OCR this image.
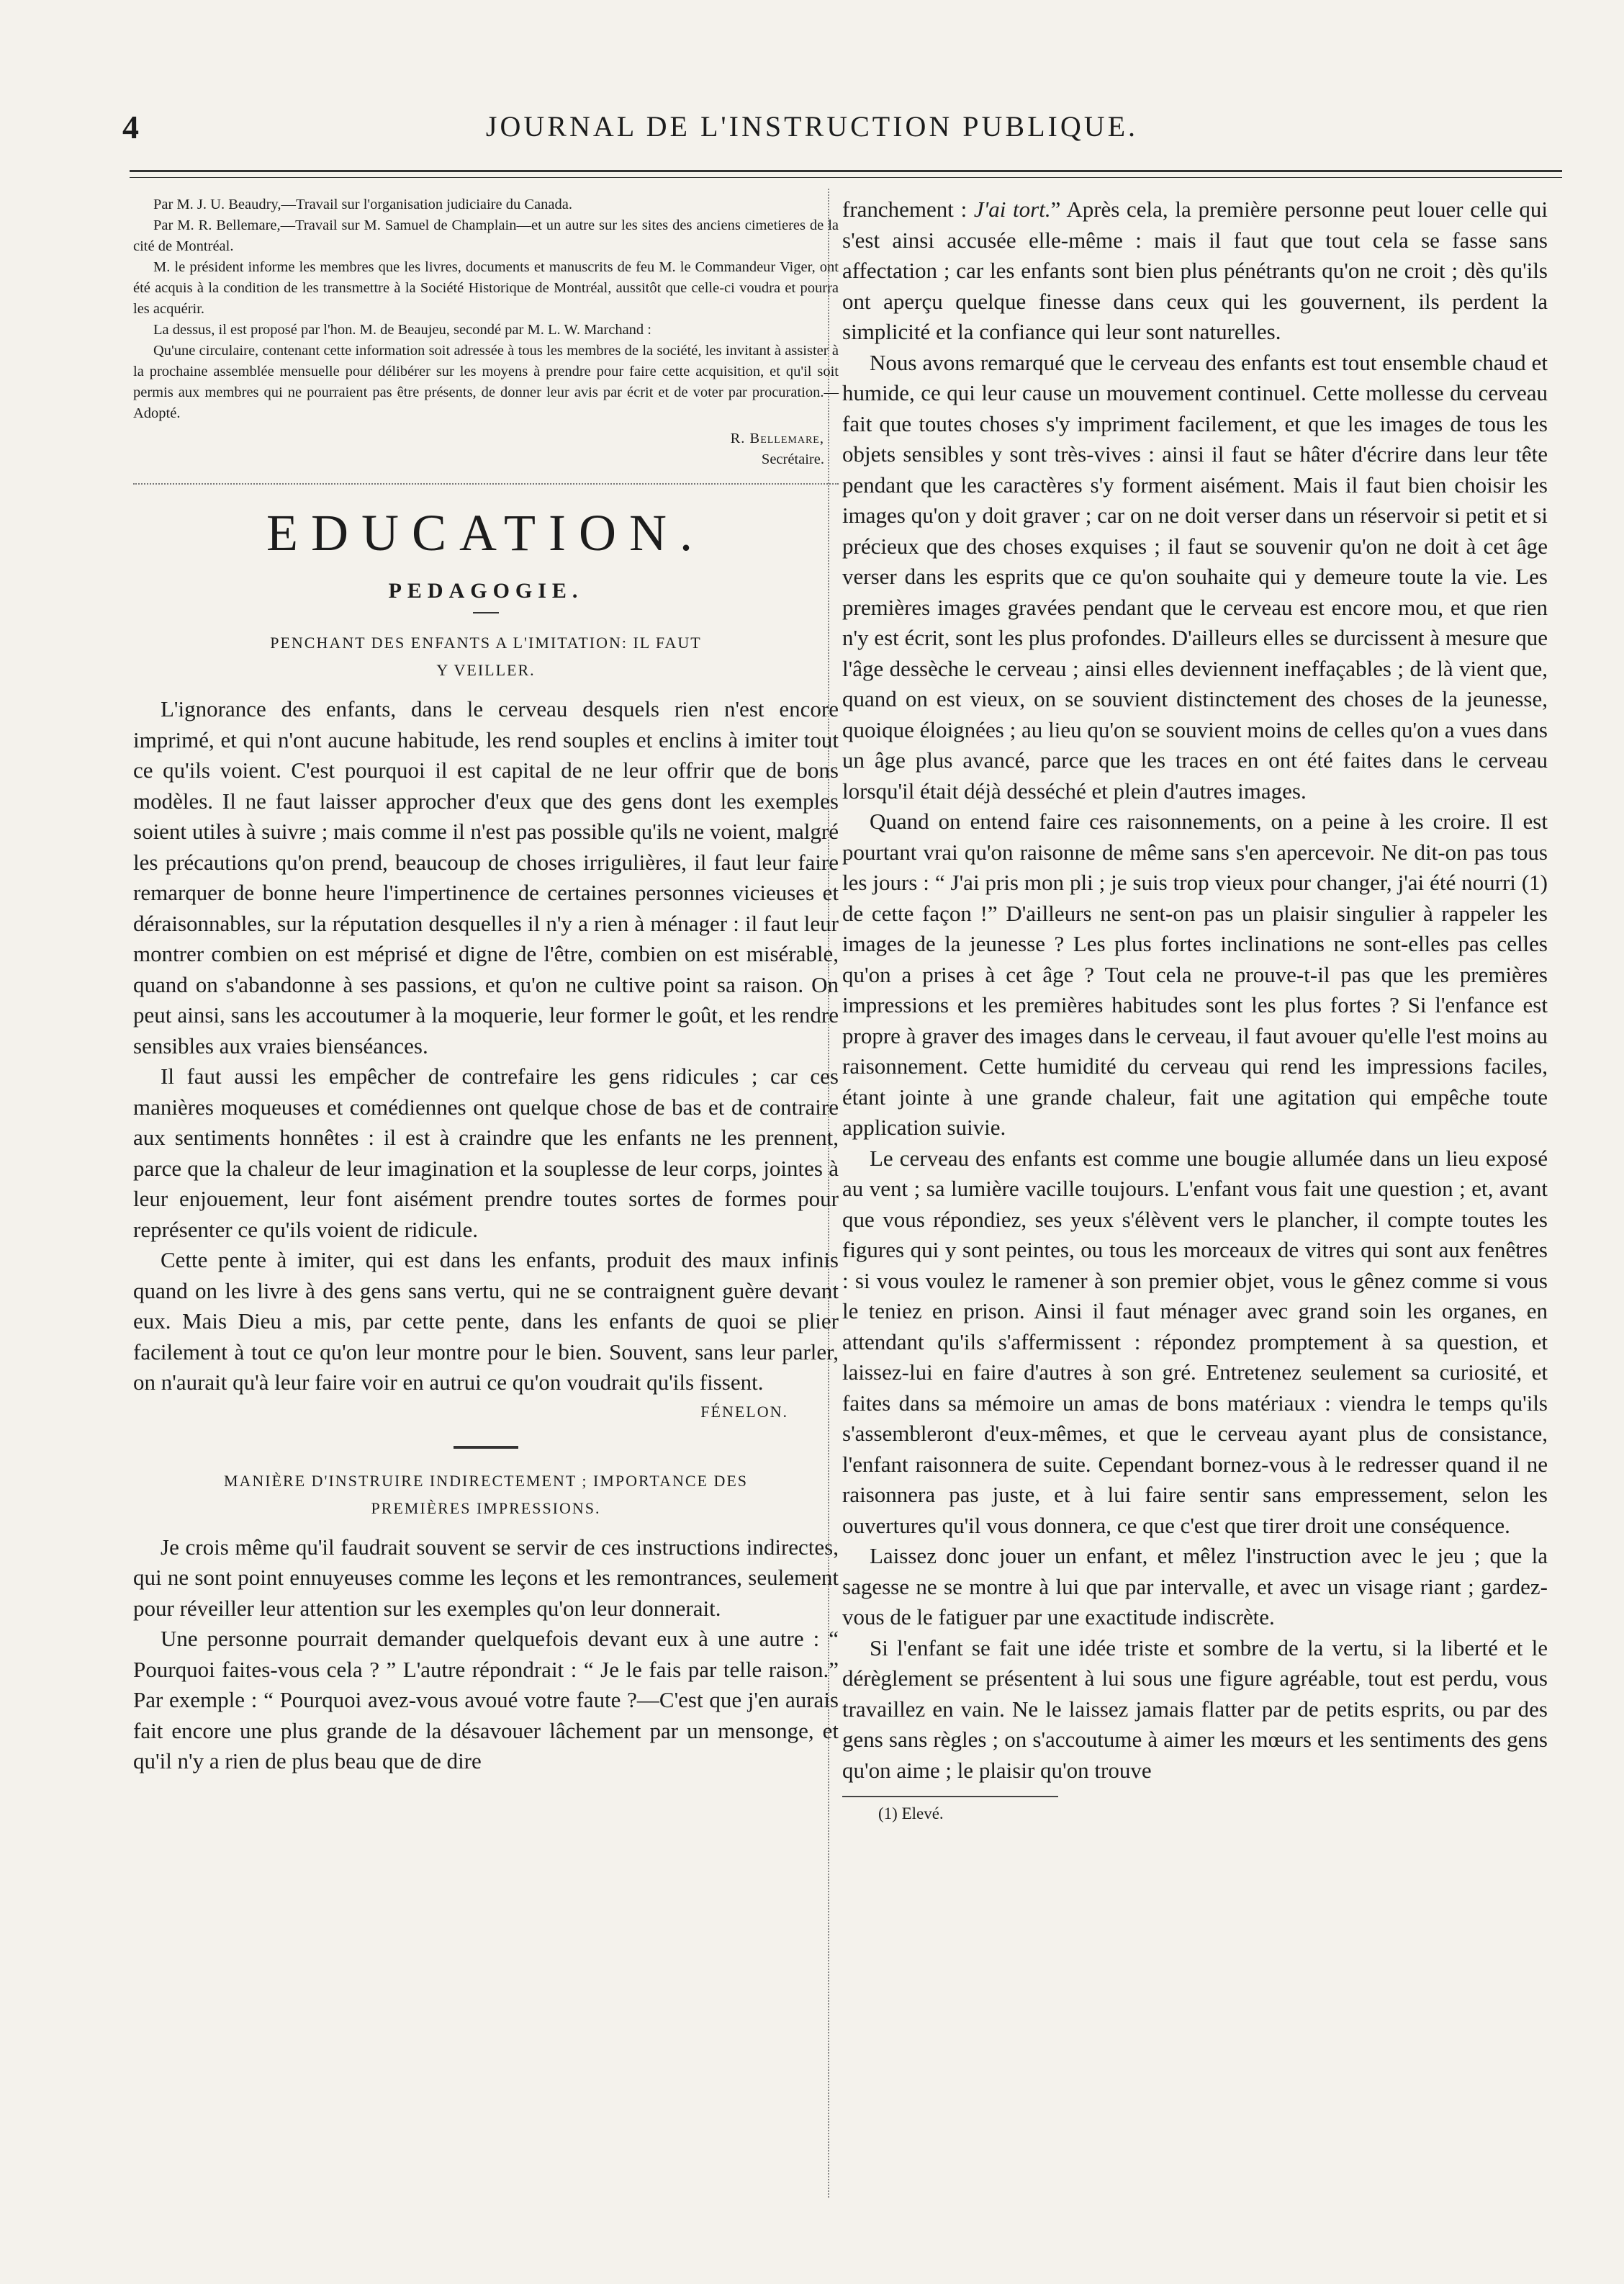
4	JOURNAL DE L'INSTRUCTION PUBLIQUE.

Par M. J. U. Beaudry,—Travail sur l'organisation judiciaire du Canada.

Par M. R. Bellemare,—Travail sur M. Samuel de Champlain—et un autre sur les sites des anciens cimetieres de la cité de Montréal.

M. le président informe les membres que les livres, documents et manuscrits de feu M. le Commandeur Viger, ont été acquis à la condition de les transmettre à la Société Historique de Montréal, aussitôt que celle-ci voudra et pourra les acquérir.

La dessus, il est proposé par l'hon. M. de Beaujeu, secondé par M. L. W. Marchand :

Qu'une circulaire, contenant cette information soit adressée à tous les membres de la société, les invitant à assister à la prochaine assemblée mensuelle pour délibérer sur les moyens à prendre pour faire cette acquisition, et qu'il soit permis aux membres qui ne pourraient pas être présents, de donner leur avis par écrit et de voter par procuration.—Adopté.

R. Bellemare,
Secrétaire.
EDUCATION.
PEDAGOGIE.
PENCHANT DES ENFANTS A L'IMITATION: IL FAUT
Y VEILLER.

L'ignorance des enfants, dans le cerveau desquels rien n'est encore imprimé, et qui n'ont aucune habitude, les rend souples et enclins à imiter tout ce qu'ils voient. C'est pourquoi il est capital de ne leur offrir que de bons modèles. Il ne faut laisser approcher d'eux que des gens dont les exemples soient utiles à suivre ; mais comme il n'est pas possible qu'ils ne voient, malgré les précautions qu'on prend, beaucoup de choses irrigulières, il faut leur faire remarquer de bonne heure l'impertinence de certaines personnes vicieuses et déraisonnables, sur la réputation desquelles il n'y a rien à ménager : il faut leur montrer combien on est méprisé et digne de l'être, combien on est misérable, quand on s'abandonne à ses passions, et qu'on ne cultive point sa raison. On peut ainsi, sans les accoutumer à la moquerie, leur former le goût, et les rendre sensibles aux vraies bienséances.

Il faut aussi les empêcher de contrefaire les gens ridicules ; car ces manières moqueuses et comédiennes ont quelque chose de bas et de contraire aux sentiments honnêtes : il est à craindre que les enfants ne les prennent, parce que la chaleur de leur imagination et la souplesse de leur corps, jointes à leur enjouement, leur font aisément prendre toutes sortes de formes pour représenter ce qu'ils voient de ridicule.

Cette pente à imiter, qui est dans les enfants, produit des maux infinis quand on les livre à des gens sans vertu, qui ne se contraignent guère devant eux. Mais Dieu a mis, par cette pente, dans les enfants de quoi se plier facilement à tout ce qu'on leur montre pour le bien. Souvent, sans leur parler, on n'aurait qu'à leur faire voir en autrui ce qu'on voudrait qu'ils fissent.

FÉNELON.
MANIÈRE D'INSTRUIRE INDIRECTEMENT ; IMPORTANCE DES
PREMIÈRES IMPRESSIONS.

Je crois même qu'il faudrait souvent se servir de ces instructions indirectes, qui ne sont point ennuyeuses comme les leçons et les remontrances, seulement pour réveiller leur attention sur les exemples qu'on leur donnerait.

Une personne pourrait demander quelquefois devant eux à une autre : “ Pourquoi faites-vous cela ? ” L'autre répondrait : “ Je le fais par telle raison.” Par exemple : “ Pourquoi avez-vous avoué votre faute ?—C'est que j'en aurais fait encore une plus grande de la désavouer lâchement par un mensonge, et qu'il n'y a rien de plus beau que de dire

franchement : J'ai tort.” Après cela, la première personne peut louer celle qui s'est ainsi accusée elle-même : mais il faut que tout cela se fasse sans affectation ; car les enfants sont bien plus pénétrants qu'on ne croit ; dès qu'ils ont aperçu quelque finesse dans ceux qui les gouvernent, ils perdent la simplicité et la confiance qui leur sont naturelles.

Nous avons remarqué que le cerveau des enfants est tout ensemble chaud et humide, ce qui leur cause un mouvement continuel. Cette mollesse du cerveau fait que toutes choses s'y impriment facilement, et que les images de tous les objets sensibles y sont très-vives : ainsi il faut se hâter d'écrire dans leur tête pendant que les caractères s'y forment aisément. Mais il faut bien choisir les images qu'on y doit graver ; car on ne doit verser dans un réservoir si petit et si précieux que des choses exquises ; il faut se souvenir qu'on ne doit à cet âge verser dans les esprits que ce qu'on souhaite qui y demeure toute la vie. Les premières images gravées pendant que le cerveau est encore mou, et que rien n'y est écrit, sont les plus profondes. D'ailleurs elles se durcissent à mesure que l'âge dessèche le cerveau ; ainsi elles deviennent ineffaçables ; de là vient que, quand on est vieux, on se souvient distinctement des choses de la jeunesse, quoique éloignées ; au lieu qu'on se souvient moins de celles qu'on a vues dans un âge plus avancé, parce que les traces en ont été faites dans le cerveau lorsqu'il était déjà desséché et plein d'autres images.

Quand on entend faire ces raisonnements, on a peine à les croire. Il est pourtant vrai qu'on raisonne de même sans s'en apercevoir. Ne dit-on pas tous les jours : “ J'ai pris mon pli ; je suis trop vieux pour changer, j'ai été nourri (1) de cette façon !” D'ailleurs ne sent-on pas un plaisir singulier à rappeler les images de la jeunesse ? Les plus fortes inclinations ne sont-elles pas celles qu'on a prises à cet âge ? Tout cela ne prouve-t-il pas que les premières impressions et les premières habitudes sont les plus fortes ? Si l'enfance est propre à graver des images dans le cerveau, il faut avouer qu'elle l'est moins au raisonnement. Cette humidité du cerveau qui rend les impressions faciles, étant jointe à une grande chaleur, fait une agitation qui empêche toute application suivie.

Le cerveau des enfants est comme une bougie allumée dans un lieu exposé au vent ; sa lumière vacille toujours. L'enfant vous fait une question ; et, avant que vous répondiez, ses yeux s'élèvent vers le plancher, il compte toutes les figures qui y sont peintes, ou tous les morceaux de vitres qui sont aux fenêtres : si vous voulez le ramener à son premier objet, vous le gênez comme si vous le teniez en prison. Ainsi il faut ménager avec grand soin les organes, en attendant qu'ils s'affermissent : répondez promptement à sa question, et laissez-lui en faire d'autres à son gré. Entretenez seulement sa curiosité, et faites dans sa mémoire un amas de bons matériaux : viendra le temps qu'ils s'assembleront d'eux-mêmes, et que le cerveau ayant plus de consistance, l'enfant raisonnera de suite. Cependant bornez-vous à le redresser quand il ne raisonnera pas juste, et à lui faire sentir sans empressement, selon les ouvertures qu'il vous donnera, ce que c'est que tirer droit une conséquence.

Laissez donc jouer un enfant, et mêlez l'instruction avec le jeu ; que la sagesse ne se montre à lui que par intervalle, et avec un visage riant ; gardez-vous de le fatiguer par une exactitude indiscrète.

Si l'enfant se fait une idée triste et sombre de la vertu, si la liberté et le dérèglement se présentent à lui sous une figure agréable, tout est perdu, vous travaillez en vain. Ne le laissez jamais flatter par de petits esprits, ou par des gens sans règles ; on s'accoutume à aimer les mœurs et les sentiments des gens qu'on aime ; le plaisir qu'on trouve

(1) Elevé.
